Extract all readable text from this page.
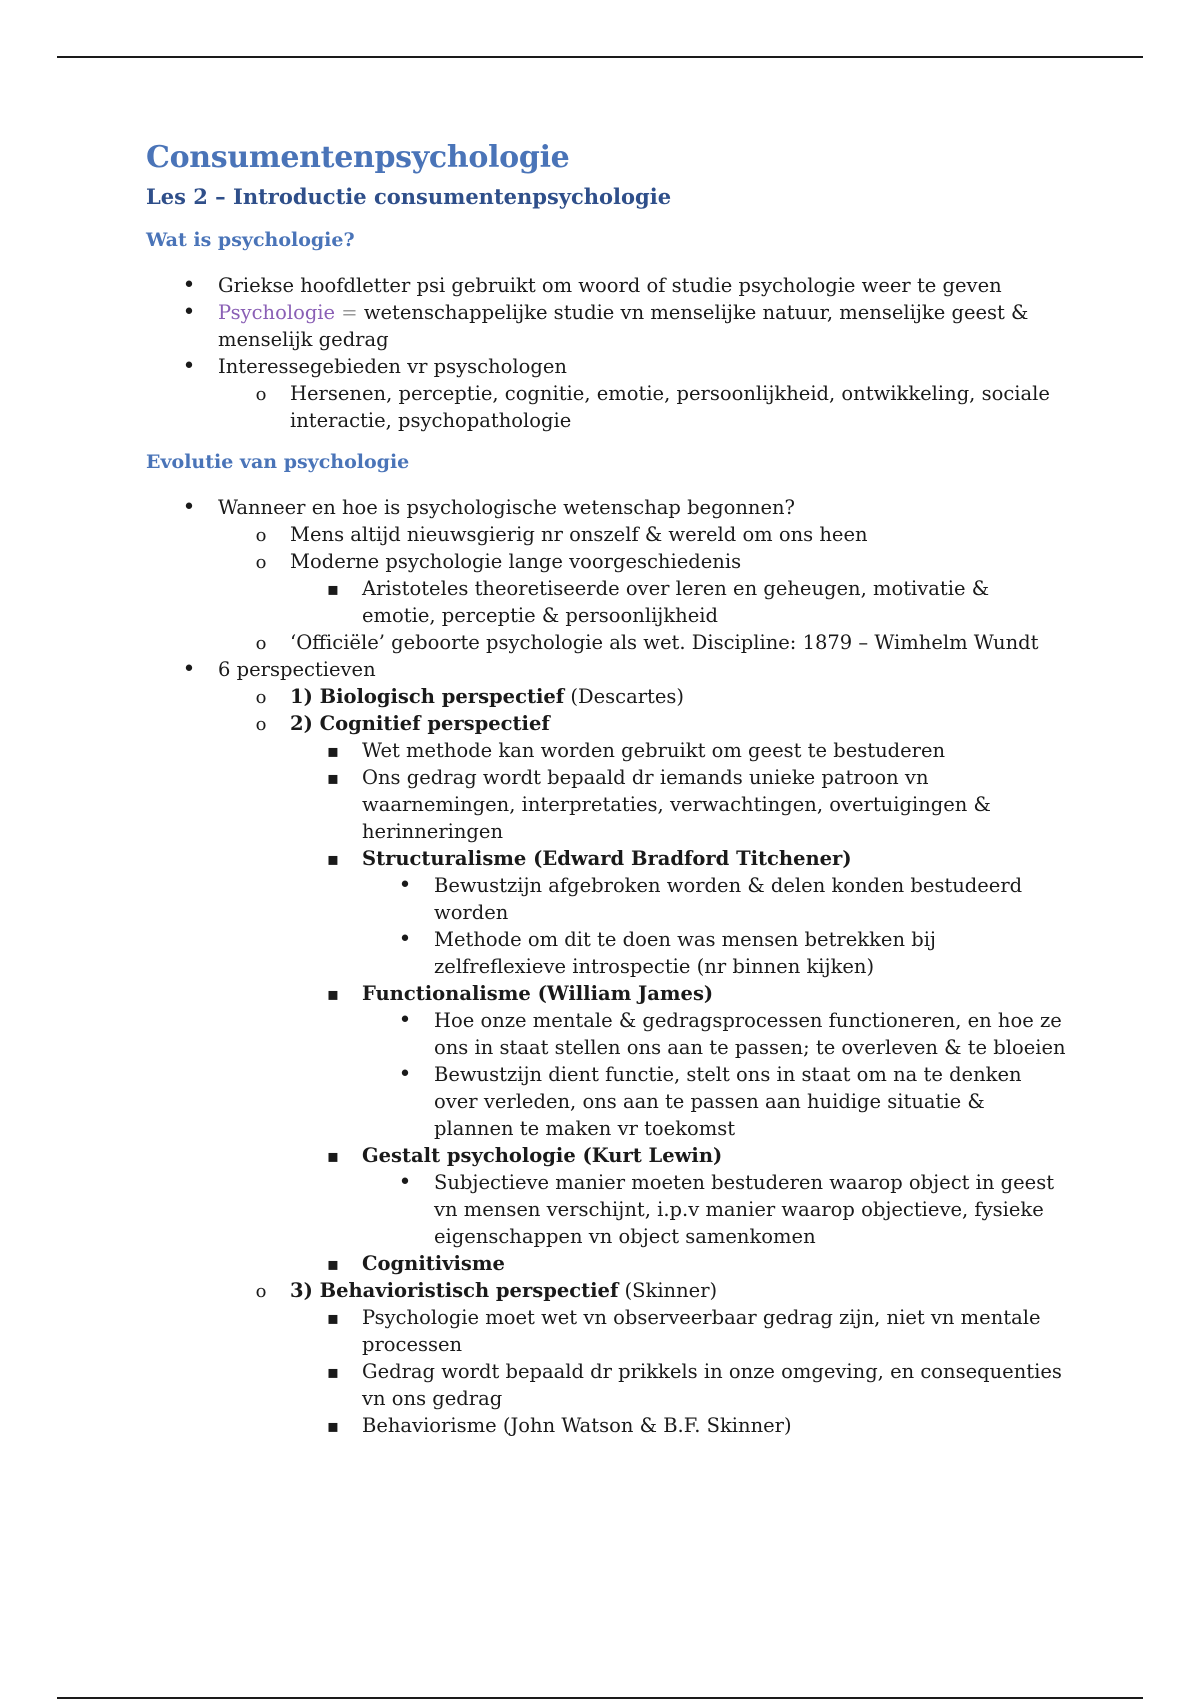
Consumentenpsychologie
Les 2 – Introductie consumentenpsychologie
Wat is psychologie?
•
Griekse hoofdletter psi gebruikt om woord of studie psychologie weer te geven
•
Psychologie = wetenschappelijke studie vn menselijke natuur, menselijke geest & menselijk gedrag
•
Interessegebieden vr psyschologen
o
Hersenen, perceptie, cognitie, emotie, persoonlijkheid, ontwikkeling, sociale interactie, psychopathologie
Evolutie van psychologie
•
Wanneer en hoe is psychologische wetenschap begonnen?
o
Mens altijd nieuwsgierig nr onszelf & wereld om ons heen
o
Moderne psychologie lange voorgeschiedenis
▪
Aristoteles theoretiseerde over leren en geheugen, motivatie & emotie, perceptie & persoonlijkheid
o
‘Officiële’ geboorte psychologie als wet. Discipline: 1879 – Wimhelm Wundt
•
6 perspectieven
o
1) Biologisch perspectief (Descartes)
o
2) Cognitief perspectief
▪
Wet methode kan worden gebruikt om geest te bestuderen
▪
Ons gedrag wordt bepaald dr iemands unieke patroon vn waarnemingen, interpretaties, verwachtingen, overtuigingen & herinneringen
▪
Structuralisme (Edward Bradford Titchener)
•
Bewustzijn afgebroken worden & delen konden bestudeerd worden
•
Methode om dit te doen was mensen betrekken bij zelfreflexieve introspectie (nr binnen kijken)
▪
Functionalisme (William James)
•
Hoe onze mentale & gedragsprocessen functioneren, en hoe ze ons in staat stellen ons aan te passen; te overleven & te bloeien
•
Bewustzijn dient functie, stelt ons in staat om na te denken over verleden, ons aan te passen aan huidige situatie & plannen te maken vr toekomst
▪
Gestalt psychologie (Kurt Lewin)
•
Subjectieve manier moeten bestuderen waarop object in geest vn mensen verschijnt, i.p.v manier waarop objectieve, fysieke eigenschappen vn object samenkomen
▪
Cognitivisme
o
3) Behavioristisch perspectief (Skinner)
▪
Psychologie moet wet vn observeerbaar gedrag zijn, niet vn mentale processen
▪
Gedrag wordt bepaald dr prikkels in onze omgeving, en consequenties vn ons gedrag
▪
Behaviorisme (John Watson & B.F. Skinner)
